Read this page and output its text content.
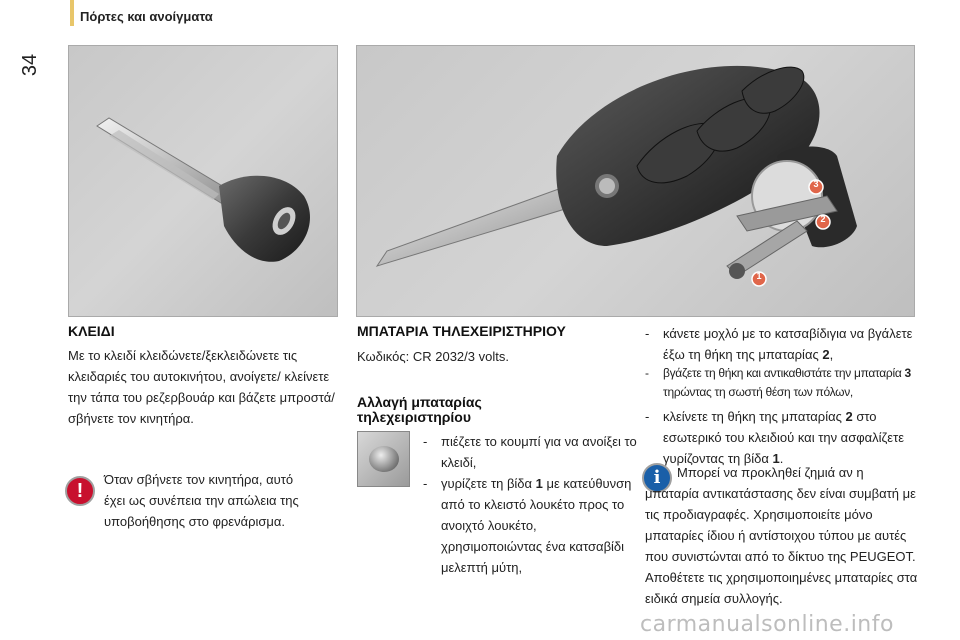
34
Πόρτες και ανοίγματα
3
2
1
ΚΛΕΙΔΙ
Με το κλειδί κλειδώνετε/ξεκλειδώνετε τις κλειδαριές του αυτοκινήτου, ανοίγετε/ κλείνετε την τάπα του ρεζερβουάρ και βάζετε μπροστά/σβήνετε τον κινητήρα.
!
Όταν σβήνετε τον κινητήρα, αυτό έχει ως συνέπεια την απώλεια της υποβοήθησης στο φρενάρισμα.
ΜΠΑΤΑΡΙΑ ΤΗΛΕΧΕΙΡΙΣΤΗΡΙΟΥ
Κωδικός: CR 2032/3 volts.
Αλλαγή μπαταρίας
τηλεχειριστηρίου
-	πιέζετε το κουμπί για να ανοίξει το κλειδί,
-	γυρίζετε τη βίδα 1 με κατεύθυνση από το κλειστό λουκέτο προς το ανοιχτό λουκέτο, χρησιμοποιώντας ένα κατσαβίδι μελεπτή μύτη,
-	κάνετε μοχλό με το κατσαβίδιγια να βγάλετε έξω τη θήκη της μπαταρίας 2,
-	βγάζετε τη θήκη και αντικαθιστάτε την μπαταρία 3 τηρώντας τη σωστή θέση των πόλων,
-	κλείνετε τη θήκη της μπαταρίας 2 στο εσωτερικό του κλειδιού και την ασφαλίζετε γυρίζοντας τη βίδα 1.
i	Μπορεί να προκληθεί ζημιά αν η μπαταρία αντικατάστασης δεν είναι συμβατή με τις προδιαγραφές. Χρησιμοποιείτε μόνο μπαταρίες ίδιου ή αντίστοιχου τύπου με αυτές που συνιστώνται από το δίκτυο της PEUGEOT. Αποθέτετε τις χρησιμοποιημένες μπαταρίες στα ειδικά σημεία συλλογής.
carmanualsonline.info
